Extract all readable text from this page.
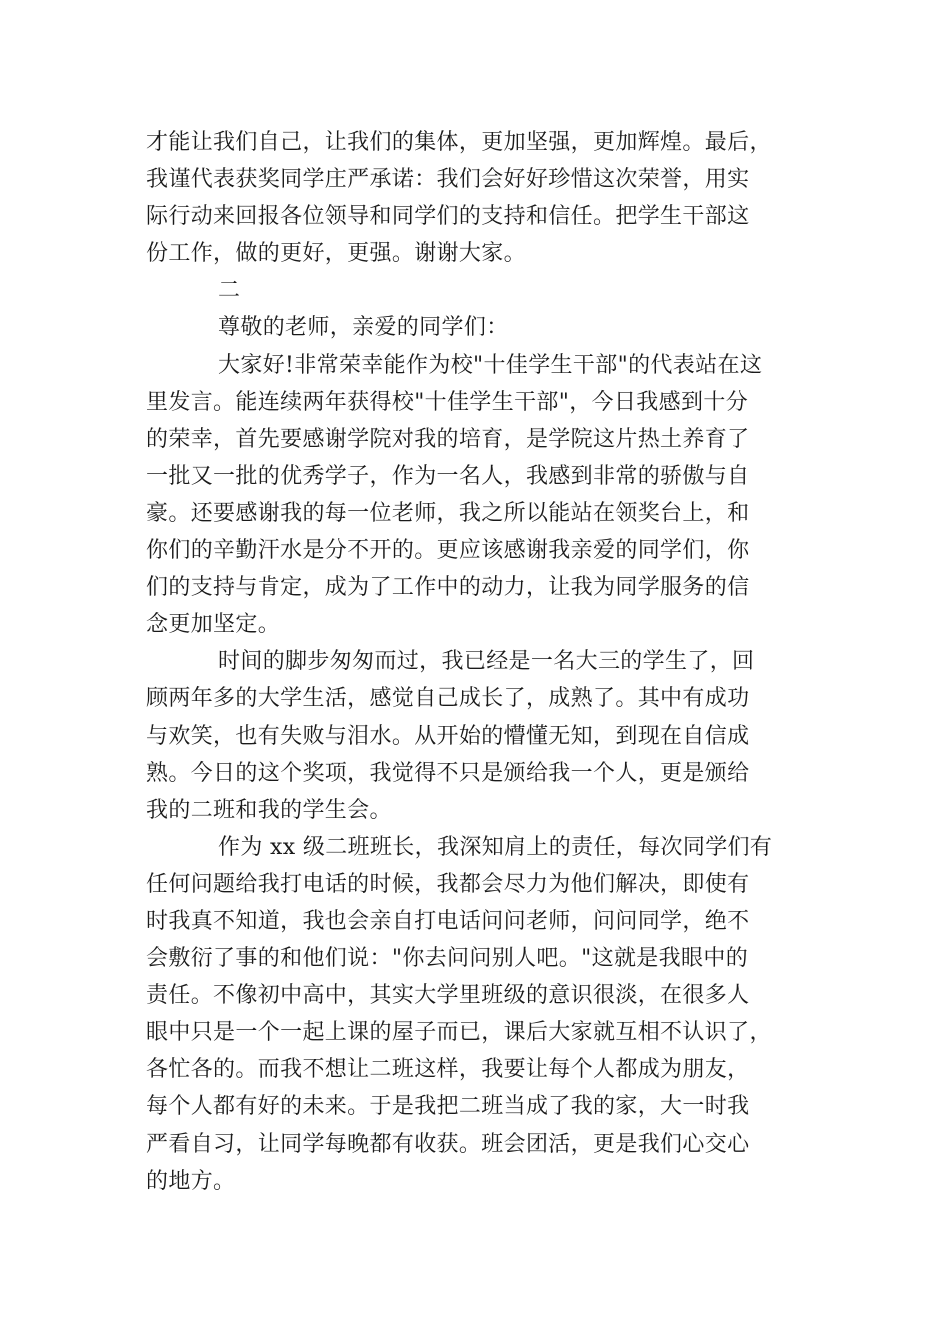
才能让我们自己，让我们的集体，更加坚强，更加辉煌。最后，
我谨代表获奖同学庄严承诺：我们会好好珍惜这次荣誉，用实
际行动来回报各位领导和同学们的支持和信任。把学生干部这
份工作，做的更好，更强。谢谢大家。
二
尊敬的老师，亲爱的同学们：
大家好!非常荣幸能作为校"十佳学生干部"的代表站在这
里发言。能连续两年获得校"十佳学生干部"，今日我感到十分
的荣幸，首先要感谢学院对我的培育，是学院这片热土养育了
一批又一批的优秀学子，作为一名人，我感到非常的骄傲与自
豪。还要感谢我的每一位老师，我之所以能站在领奖台上，和
你们的辛勤汗水是分不开的。更应该感谢我亲爱的同学们，你
们的支持与肯定，成为了工作中的动力，让我为同学服务的信
念更加坚定。
时间的脚步匆匆而过，我已经是一名大三的学生了，回
顾两年多的大学生活，感觉自己成长了，成熟了。其中有成功
与欢笑，也有失败与泪水。从开始的懵懂无知，到现在自信成
熟。今日的这个奖项，我觉得不只是颁给我一个人，更是颁给
我的二班和我的学生会。
作为 xx 级二班班长，我深知肩上的责任，每次同学们有
任何问题给我打电话的时候，我都会尽力为他们解决，即使有
时我真不知道，我也会亲自打电话问问老师，问问同学，绝不
会敷衍了事的和他们说："你去问问别人吧。"这就是我眼中的
责任。不像初中高中，其实大学里班级的意识很淡，在很多人
眼中只是一个一起上课的屋子而已，课后大家就互相不认识了，
各忙各的。而我不想让二班这样，我要让每个人都成为朋友，
每个人都有好的未来。于是我把二班当成了我的家，大一时我
严看自习，让同学每晚都有收获。班会团活，更是我们心交心
的地方。
